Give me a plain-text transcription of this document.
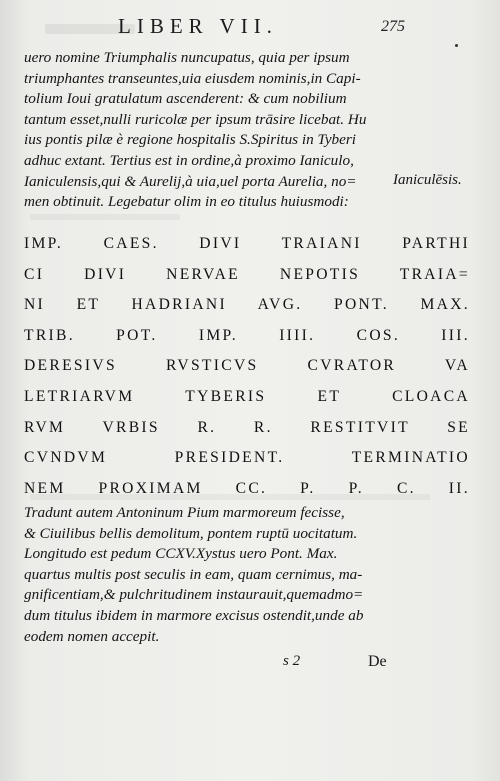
LIBER VII.	275
uero nomine Triumphalis nuncupatus, quia per ipsum
triumphantes transeuntes,uia eiusdem nominis,in Capi-
tolium Ioui gratulatum ascenderent: & cum nobilium
tantum esset,nulli ruricolæ per ipsum trāsire licebat. Hu
ius pontis pilæ è regione hospitalis S.Spiritus in Tyberi
adhuc extant. Tertius est in ordine,à proximo Ianiculo,
Ianiculensis,qui & Aurelij,à uia,uel porta Aurelia, no=
men obtinuit. Legebatur olim in eo titulus huiusmodi:
Ianiculēsis.
IMP. CAES. DIVI TRAIANI PARTHI
CI DIVI NERVAE NEPOTIS TRAIA=
NI ET HADRIANI AVG. PONT. MAX.
TRIB. POT. IMP. IIII. COS. III.
DERESIVS RVSTICVS CVRATOR VA
LETRIARVM TYBERIS ET CLOACA
RVM VRBIS R. R. RESTITVIT SE
CVNDVM PRESIDENT. TERMINATIO
NEM PROXIMAM CC. P. P. C. II.
Tradunt autem Antoninum Pium marmoreum fecisse,
& Ciuilibus bellis demolitum, pontem ruptū uocitatum.
Longitudo est pedum CCXV.Xystus uero Pont. Max.
quartus multis post seculis in eam, quam cernimus, ma-
gnificentiam,& pulchritudinem instaurauit,quemadmo=
dum titulus ibidem in marmore excisus ostendit,unde ab
eodem nomen accepit.
s 2	De
